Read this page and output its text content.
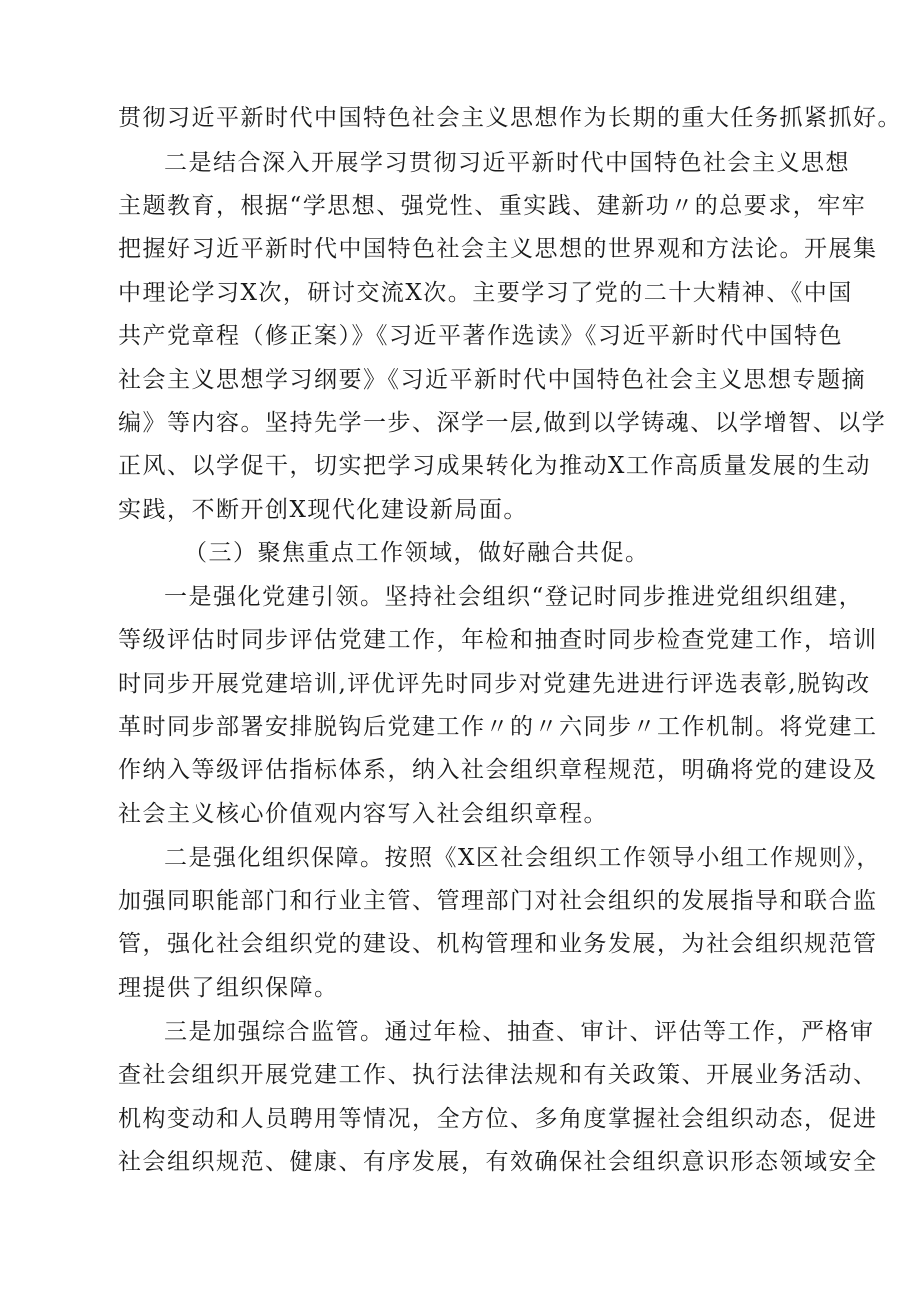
贯彻习近平新时代中国特色社会主义思想作为长期的重大任务抓紧抓好。
二是结合深入开展学习贯彻习近平新时代中国特色社会主义思想
主题教育，根据“学思想、强党性、重实践、建新功〃的总要求，牢牢
把握好习近平新时代中国特色社会主义思想的世界观和方法论。开展集
中理论学习X次，研讨交流X次。主要学习了党的二十大精神、《中国
共产党章程（修正案）》《习近平著作选读》《习近平新时代中国特色
社会主义思想学习纲要》《习近平新时代中国特色社会主义思想专题摘
编》等内容。坚持先学一步、深学一层,做到以学铸魂、以学增智、以学
正风、以学促干，切实把学习成果转化为推动X工作高质量发展的生动
实践，不断开创X现代化建设新局面。
（三）聚焦重点工作领域，做好融合共促。
一是强化党建引领。坚持社会组织“登记时同步推进党组织组建，
等级评估时同步评估党建工作，年检和抽查时同步检查党建工作，培训
时同步开展党建培训,评优评先时同步对党建先进进行评选表彰,脱钩改
革时同步部署安排脱钩后党建工作〃的〃六同步〃工作机制。将党建工
作纳入等级评估指标体系，纳入社会组织章程规范，明确将党的建设及
社会主义核心价值观内容写入社会组织章程。
二是强化组织保障。按照《X区社会组织工作领导小组工作规则》，
加强同职能部门和行业主管、管理部门对社会组织的发展指导和联合监
管，强化社会组织党的建设、机构管理和业务发展，为社会组织规范管
理提供了组织保障。
三是加强综合监管。通过年检、抽查、审计、评估等工作，严格审
查社会组织开展党建工作、执行法律法规和有关政策、开展业务活动、
机构变动和人员聘用等情况，全方位、多角度掌握社会组织动态，促进
社会组织规范、健康、有序发展，有效确保社会组织意识形态领域安全
